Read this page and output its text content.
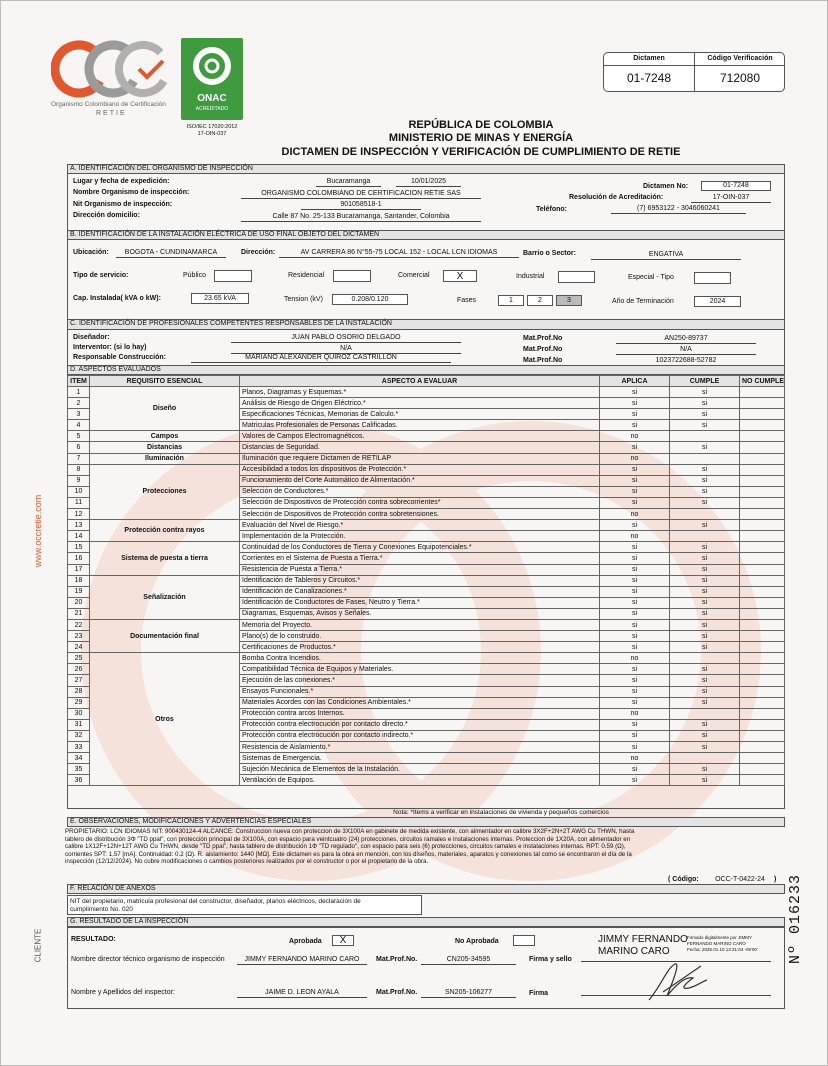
Organismo Colombiano de Certificación
RETIE
ONAC
ACREDITADO
ISO/IEC 17020:2012
17-OIN-037
Dictamen	Código Verificación
01-7248	712080
REPÚBLICA DE COLOMBIA
MINISTERIO DE MINAS Y ENERGÍA
DICTAMEN DE INSPECCIÓN Y VERIFICACIÓN DE CUMPLIMIENTO DE RETIE
www.occretie.com
CLIENTE	Nº 016233
A. IDENTIFICACIÓN DEL ORGANISMO DE INSPECCIÓN
Lugar y fecha de expedición:	Bucaramanga	10/01/2025
Nombre Organismo de inspección:	ORGANISMO COLOMBIANO DE CERTIFICACION RETIE SAS
Nit Organismo de inspección:	901058518-1
Dirección domicilio:	Calle 87 No. 25-133 Bucaramanga, Santander, Colombia
Dictamen No:	01-7248
Resolución de Acreditación:	17-OIN-037
Teléfono:	(7) 6953122 - 3046060241
B. IDENTIFICACIÓN DE LA INSTALACIÓN ELÉCTRICA DE USO FINAL OBJETO DEL DICTAMEN
Ubicación:	BOGOTA - CUNDINAMARCA	Dirección:	AV CARRERA 86 N°55-75 LOCAL 152 - LOCAL LCN IDIOMAS	Barrio o Sector:	ENGATIVA
Tipo de servicio:	Público	Residencial	Comercial	X	Industrial	Especial - Tipo
Cap. Instalada( kVA o kW):	23.65 kVA	Tension (kV)	0.208/0.120	Fases	1	2	3	Año de Terminación	2024
C. IDENTIFICACIÓN DE PROFESIONALES COMPETENTES RESPONSABLES DE LA INSTALACIÓN
Diseñador:	JUAN PABLO OSORIO DELGADO	Mat.Prof.No	AN250-89737
Interventor: (si lo hay)	N/A	Mat.Prof.No	N/A
Responsable Construcción:	MARIANO ALEXANDER QUIROZ CASTRILLON	Mat.Prof.No	1023722688-52782
D. ASPECTOS EVALUADOS
ITEM	REQUISITO ESENCIAL	ASPECTO A EVALUAR	APLICA	CUMPLE	NO CUMPLE
1	Diseño	Planos, Diagramas y Esquemas.*	si	si	
2		Análisis de Riesgo de Origen Eléctrico.*	si	si	
3		Especificaciones Técnicas, Memorias de Calculo.*	si	si	
4		Matriculas Profesionales de Personas Calificadas.	si	si	
5	Campos	Valores de Campos Electromagnéticos.	no		
6	Distancias	Distancias de Seguridad.	si	si	
7	Iluminación	Iluminación que requiere Dictamen de RETILAP	no		
8	Protecciones	Accesibilidad a todos los dispositivos de Protección.*	si	si	
9		Funcionamiento del Corte Automático de Alimentación.*	si	si	
10		Selección de Conductores.*	si	si	
11		Selección de Dispositivos de Protección contra sobrecorrientes*	si	si	
12		Selección de Dispositivos de Protección contra sobretensiones.	no		
13	Protección contra rayos	Evaluación del Nivel de Riesgo.*	si	si	
14		Implementación de la Protección.	no		
15	Sistema de puesta a tierra	Continuidad de los Conductores de Tierra y Conexiones Equipotenciales.*	si	si	
16		Corrientes en el Sistema de Puesta a Tierra.*	si	si	
17		Resistencia de Puesta a Tierra.*	si	si	
18	Señalización	Identificación de Tableros y Circuitos.*	si	si	
19		Identificación de Canalizaciones.*	si	si	
20		Identificación de Conductores de Fases, Neutro y Tierra.*	si	si	
21		Diagramas, Esquemas, Avisos y Señales.	si	si	
22	Documentación final	Memoria del Proyecto.	si	si	
23		Plano(s) de lo construido.	si	si	
24		Certificaciones de Productos.*	si	si	
25	Otros	Bomba Contra Incendios.	no		
26		Compatibilidad Técnica de Equipos y Materiales.	si	si	
27		Ejecución de las conexiones.*	si	si	
28		Ensayos Funcionales.*	si	si	
29		Materiales Acordes con las Condiciones Ambientales.*	si	si	
30		Protección contra arcos Internos.	no		
31		Protección contra electrocución por contacto directo.*	si	si	
32		Protección contra electrocución por contacto indirecto.*	si	si	
33		Resistencia de Aislamiento.*	si	si	
34		Sistemas de Emergencia.	no		
35		Sujeción Mecánica de Elementos de la Instalación.	si	si	
36		Ventilación de Equipos.	si	si	
Nota: *Items a verificar en instalaciones de vivienda y pequeños comercios
E. OBSERVACIONES, MODIFICACIONES Y ADVERTENCIAS ESPECIALES
PROPIETARIO: LCN IDIOMAS NIT: 900430124-4 ALCANCE: Construccion nueva con proteccion de 3X100A en gabinete de medida existente, con alimentador en calibre 3X2F+2N+2T AWG Cu THWN, hasta
tablero de distribución 3Φ "TD ppal", con protección principal de 3X100A, con espacio para veintcuatro (24) protecciones, circuitos ramales e instalaciones internas. Proteccion de 1X20A, con alimentador en
calibre 1X12F+12N+12T AWG Cu THWN, desde "TD ppal", hasta tablero de distribución 1Φ "TD regulado", con espacio para seis (6) protecciones, circuitos ramales e instalaciones internas. RPT: 0.59 (Ω),
corrientes SPT: 1.57 [mA]. Continuidad: 0.2 (Ω). R. aislamiento: 1440 [MΩ]. Este dictamen es para la obra en mención, con los diseños, materiales, aparatos y conexiones tal como se encontraron el día de la
inspección (12/12/2024). No cubre modificaciones o cambios posteriores realizados por el constructor o por el propietario de la obra.
( Código:	OCC-T-0422-24	)
F. RELACIÓN DE ANEXOS
NIT del propietario, matricula profesional del constructor, diseñador, planos eléctricos, declaración de
cumplimiento No. 020
G. RESULTADO DE LA INSPECCIÓN
RESULTADO:	Aprobada	X	No Aprobada
Nombre director técnico organismo de inspección	JIMMY FERNANDO MARINO CARO	Mat.Prof.No.	CN205-34595	Firma y sello
JIMMY FERNANDO
MARINO CARO
Firmado digitalmente por JIMMY
FERNANDO MARINO CARO
Fecha: 2025.01.10 13:31:04 -05'00'
Nombre y Apellidos del inspector:	JAIME D. LEON AYALA	Mat.Prof.No.	SN205-106277	Firma
